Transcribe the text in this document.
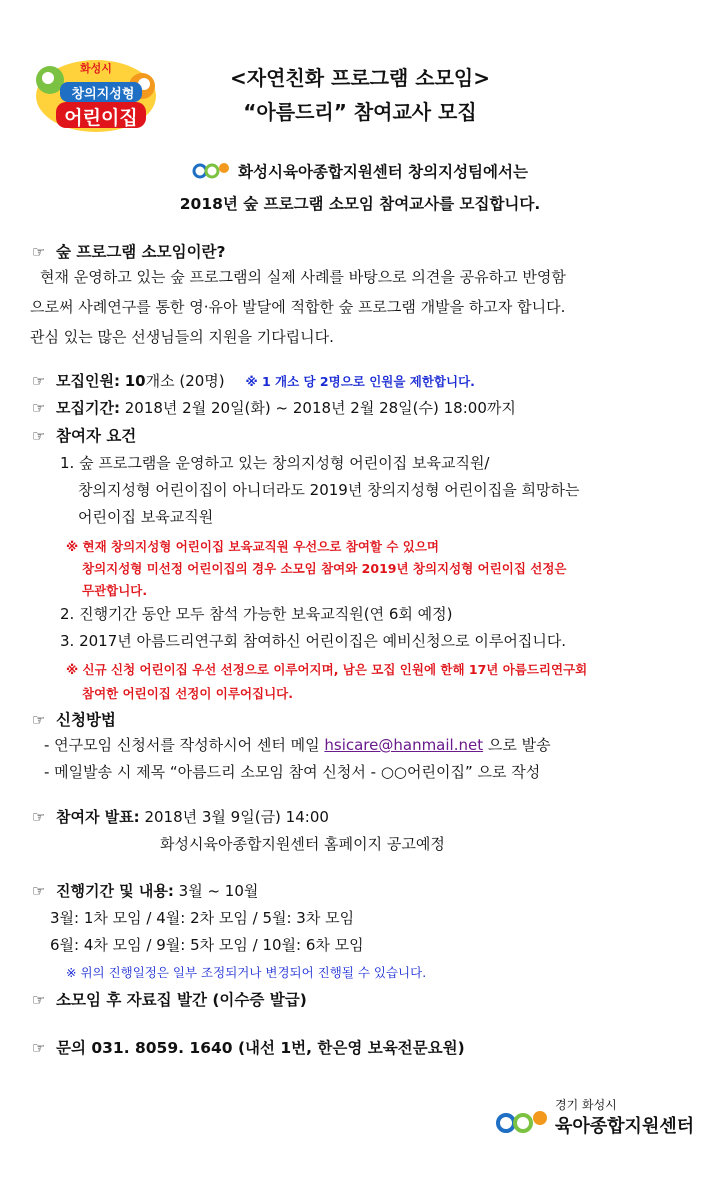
화성시
창의지성형
어린이집
<자연친화 프로그램 소모임>
“아름드리” 참여교사 모집
화성시육아종합지원센터 창의지성팀에서는
2018년 숲 프로그램 소모임 참여교사를 모집합니다.
☞ 숲 프로그램 소모임이란?
현재 운영하고 있는 숲 프로그램의 실제 사례를 바탕으로 의견을 공유하고 반영함
으로써 사례연구를 통한 영·유아 발달에 적합한 숲 프로그램 개발을 하고자 합니다.
관심 있는 많은 선생님들의 지원을 기다립니다.
☞ 모집인원: 10개소 (20명) ※ 1 개소 당 2명으로 인원을 제한합니다.
☞ 모집기간: 2018년 2월 20일(화) ~ 2018년 2월 28일(수) 18:00까지
☞ 참여자 요건
1. 숲 프로그램을 운영하고 있는 창의지성형 어린이집 보육교직원/
창의지성형 어린이집이 아니더라도 2019년 창의지성형 어린이집을 희망하는
어린이집 보육교직원
※ 현재 창의지성형 어린이집 보육교직원 우선으로 참여할 수 있으며
창의지성형 미선정 어린이집의 경우 소모임 참여와 2019년 창의지성형 어린이집 선정은
무관합니다.
2. 진행기간 동안 모두 참석 가능한 보육교직원(연 6회 예정)
3. 2017년 아름드리연구회 참여하신 어린이집은 예비신청으로 이루어집니다.
※ 신규 신청 어린이집 우선 선정으로 이루어지며, 남은 모집 인원에 한해 17년 아름드리연구회
참여한 어린이집 선정이 이루어집니다.
☞ 신청방법
- 연구모임 신청서를 작성하시어 센터 메일 hsicare@hanmail.net 으로 발송
- 메일발송 시 제목 “아름드리 소모임 참여 신청서 - ○○어린이집” 으로 작성
☞ 참여자 발표: 2018년 3월 9일(금) 14:00
화성시육아종합지원센터 홈페이지 공고예정
☞ 진행기간 및 내용: 3월 ~ 10월
3월: 1차 모임 / 4월: 2차 모임 / 5월: 3차 모임
6월: 4차 모임 / 9월: 5차 모임 / 10월: 6차 모임
※ 위의 진행일정은 일부 조정되거나 변경되어 진행될 수 있습니다.
☞ 소모임 후 자료집 발간 (이수증 발급)
☞ 문의 031. 8059. 1640 (내선 1번, 한은영 보육전문요원)
경기 화성시
육아종합지원센터
